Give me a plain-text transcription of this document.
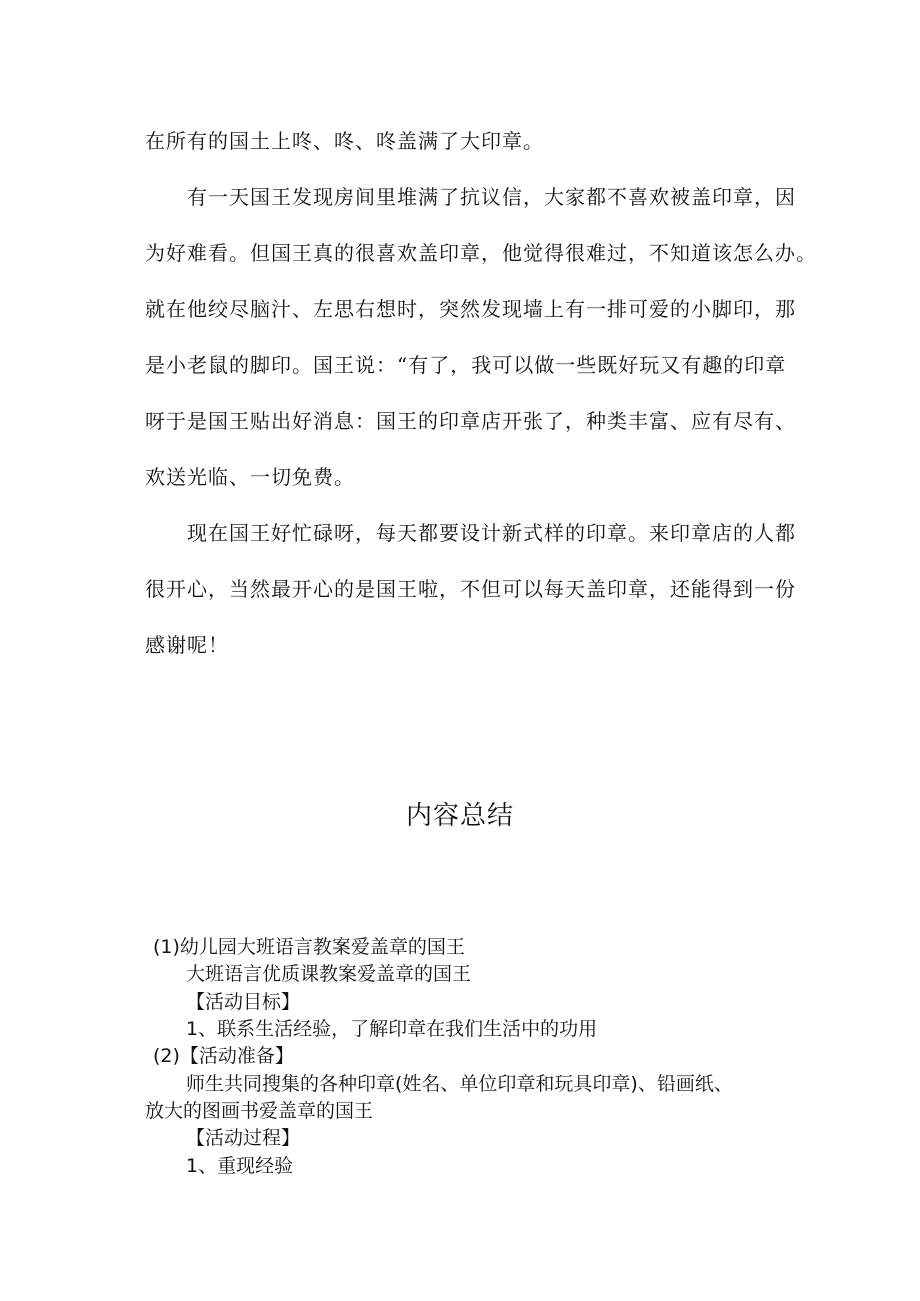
在所有的国土上咚、咚、咚盖满了大印章。
有一天国王发现房间里堆满了抗议信，大家都不喜欢被盖印章，因
为好难看。但国王真的很喜欢盖印章，他觉得很难过，不知道该怎么办。
就在他绞尽脑汁、左思右想时，突然发现墙上有一排可爱的小脚印，那
是小老鼠的脚印。国王说：“有了，我可以做一些既好玩又有趣的印章
呀于是国王贴出好消息：国王的印章店开张了，种类丰富、应有尽有、
欢送光临、一切免费。
现在国王好忙碌呀，每天都要设计新式样的印章。来印章店的人都
很开心，当然最开心的是国王啦，不但可以每天盖印章，还能得到一份
感谢呢！
内容总结
(1)幼儿园大班语言教案爱盖章的国王
大班语言优质课教案爱盖章的国王
【活动目标】
1、联系生活经验，了解印章在我们生活中的功用
(2)【活动准备】
师生共同搜集的各种印章(姓名、单位印章和玩具印章)、铅画纸、
放大的图画书爱盖章的国王
【活动过程】
1、重现经验
